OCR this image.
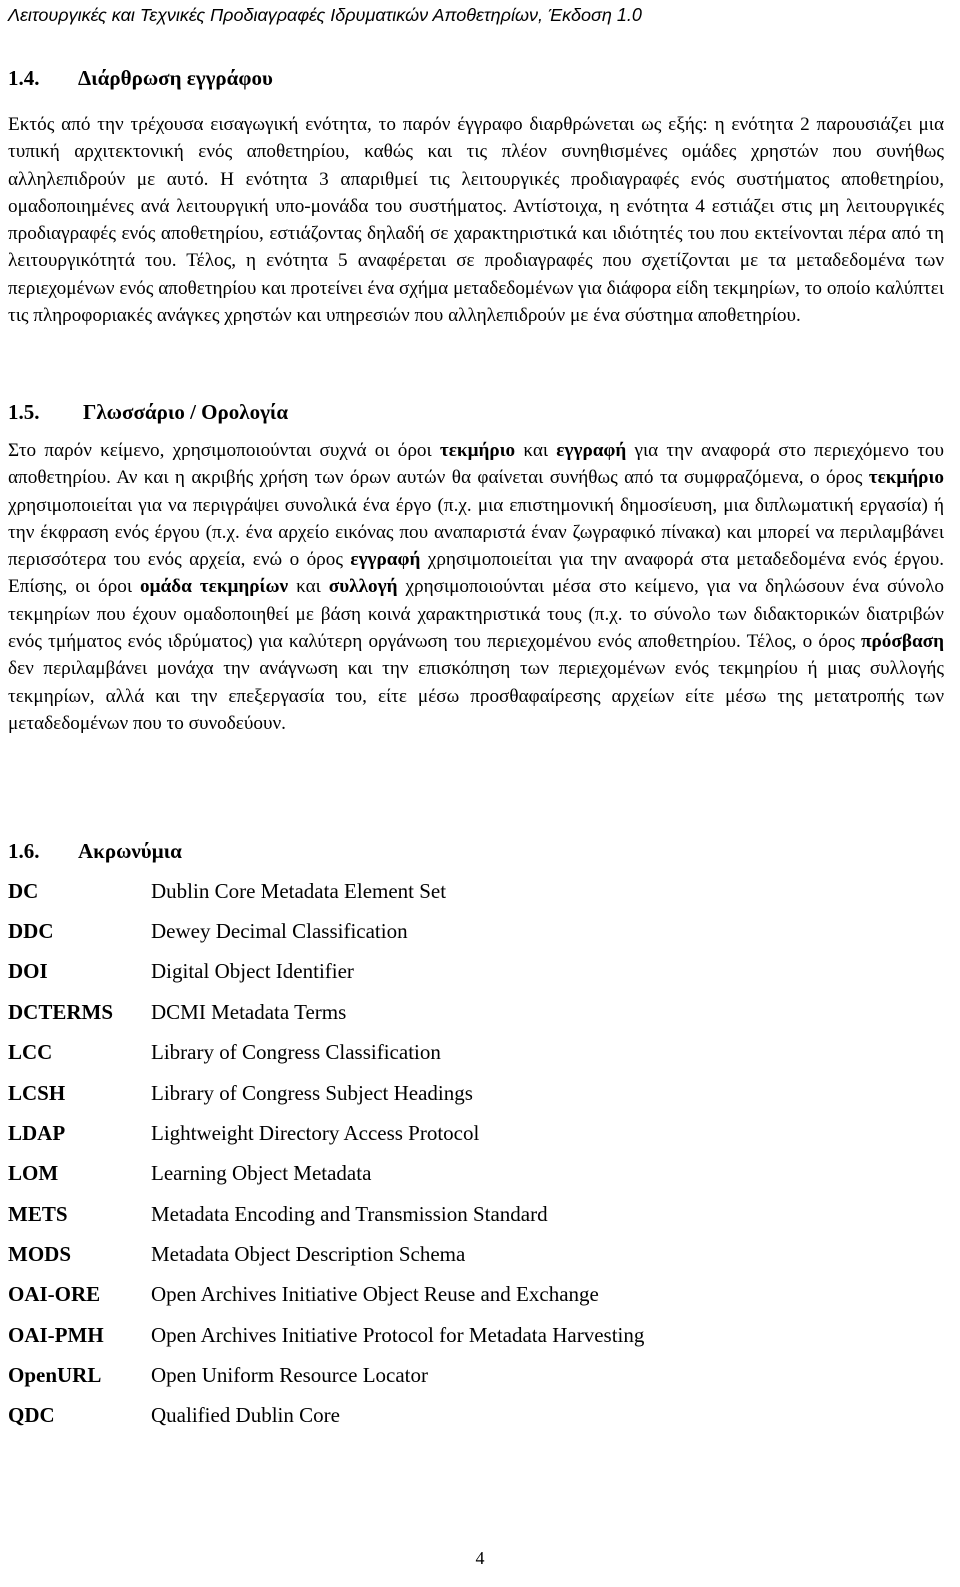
Λειτουργικές και Τεχνικές Προδιαγραφές Ιδρυματικών Αποθετηρίων, Έκδοση 1.0
1.4. Διάρθρωση εγγράφου
Εκτός από την τρέχουσα εισαγωγική ενότητα, το παρόν έγγραφο διαρθρώνεται ως εξής: η ενότητα 2 παρουσιάζει μια τυπική αρχιτεκτονική ενός αποθετηρίου, καθώς και τις πλέον συνηθισμένες ομάδες χρηστών που συνήθως αλληλεπιδρούν με αυτό. Η ενότητα 3 απαριθμεί τις λειτουργικές προδιαγραφές ενός συστήματος αποθετηρίου, ομαδοποιημένες ανά λειτουργική υπο-μονάδα του συστήματος. Αντίστοιχα, η ενότητα 4 εστιάζει στις μη λειτουργικές προδιαγραφές ενός αποθετηρίου, εστιάζοντας δηλαδή σε χαρακτηριστικά και ιδιότητές του που εκτείνονται πέρα από τη λειτουργικότητά του. Τέλος, η ενότητα 5 αναφέρεται σε προδιαγραφές που σχετίζονται με τα μεταδεδομένα των περιεχομένων ενός αποθετηρίου και προτείνει ένα σχήμα μεταδεδομένων για διάφορα είδη τεκμηρίων, το οποίο καλύπτει τις πληροφοριακές ανάγκες χρηστών και υπηρεσιών που αλληλεπιδρούν με ένα σύστημα αποθετηρίου.
1.5. Γλωσσάριο / Ορολογία
Στο παρόν κείμενο, χρησιμοποιούνται συχνά οι όροι τεκμήριο και εγγραφή για την αναφορά στο περιεχόμενο του αποθετηρίου. Αν και η ακριβής χρήση των όρων αυτών θα φαίνεται συνήθως από τα συμφραζόμενα, ο όρος τεκμήριο χρησιμοποιείται για να περιγράψει συνολικά ένα έργο (π.χ. μια επιστημονική δημοσίευση, μια διπλωματική εργασία) ή την έκφραση ενός έργου (π.χ. ένα αρχείο εικόνας που αναπαριστά έναν ζωγραφικό πίνακα) και μπορεί να περιλαμβάνει περισσότερα του ενός αρχεία, ενώ ο όρος εγγραφή χρησιμοποιείται για την αναφορά στα μεταδεδομένα ενός έργου. Επίσης, οι όροι ομάδα τεκμηρίων και συλλογή χρησιμοποιούνται μέσα στο κείμενο, για να δηλώσουν ένα σύνολο τεκμηρίων που έχουν ομαδοποιηθεί με βάση κοινά χαρακτηριστικά τους (π.χ. το σύνολο των διδακτορικών διατριβών ενός τμήματος ενός ιδρύματος) για καλύτερη οργάνωση του περιεχομένου ενός αποθετηρίου. Τέλος, ο όρος πρόσβαση δεν περιλαμβάνει μονάχα την ανάγνωση και την επισκόπηση των περιεχομένων ενός τεκμηρίου ή μιας συλλογής τεκμηρίων, αλλά και την επεξεργασία του, είτε μέσω προσθαφαίρεσης αρχείων είτε μέσω της μετατροπής των μεταδεδομένων που το συνοδεύουν.
1.6. Ακρωνύμια
DC	Dublin Core Metadata Element Set
DDC	Dewey Decimal Classification
DOI	Digital Object Identifier
DCTERMS DCMI Metadata Terms
LCC	Library of Congress Classification
LCSH	Library of Congress Subject Headings
LDAP	Lightweight Directory Access Protocol
LOM	Learning Object Metadata
METS	Metadata Encoding and Transmission Standard
MODS	Metadata Object Description Schema
OAI-ORE Open Archives Initiative Object Reuse and Exchange
OAI-PMH Open Archives Initiative Protocol for Metadata Harvesting
OpenURL Open Uniform Resource Locator
QDC	Qualified Dublin Core
4
